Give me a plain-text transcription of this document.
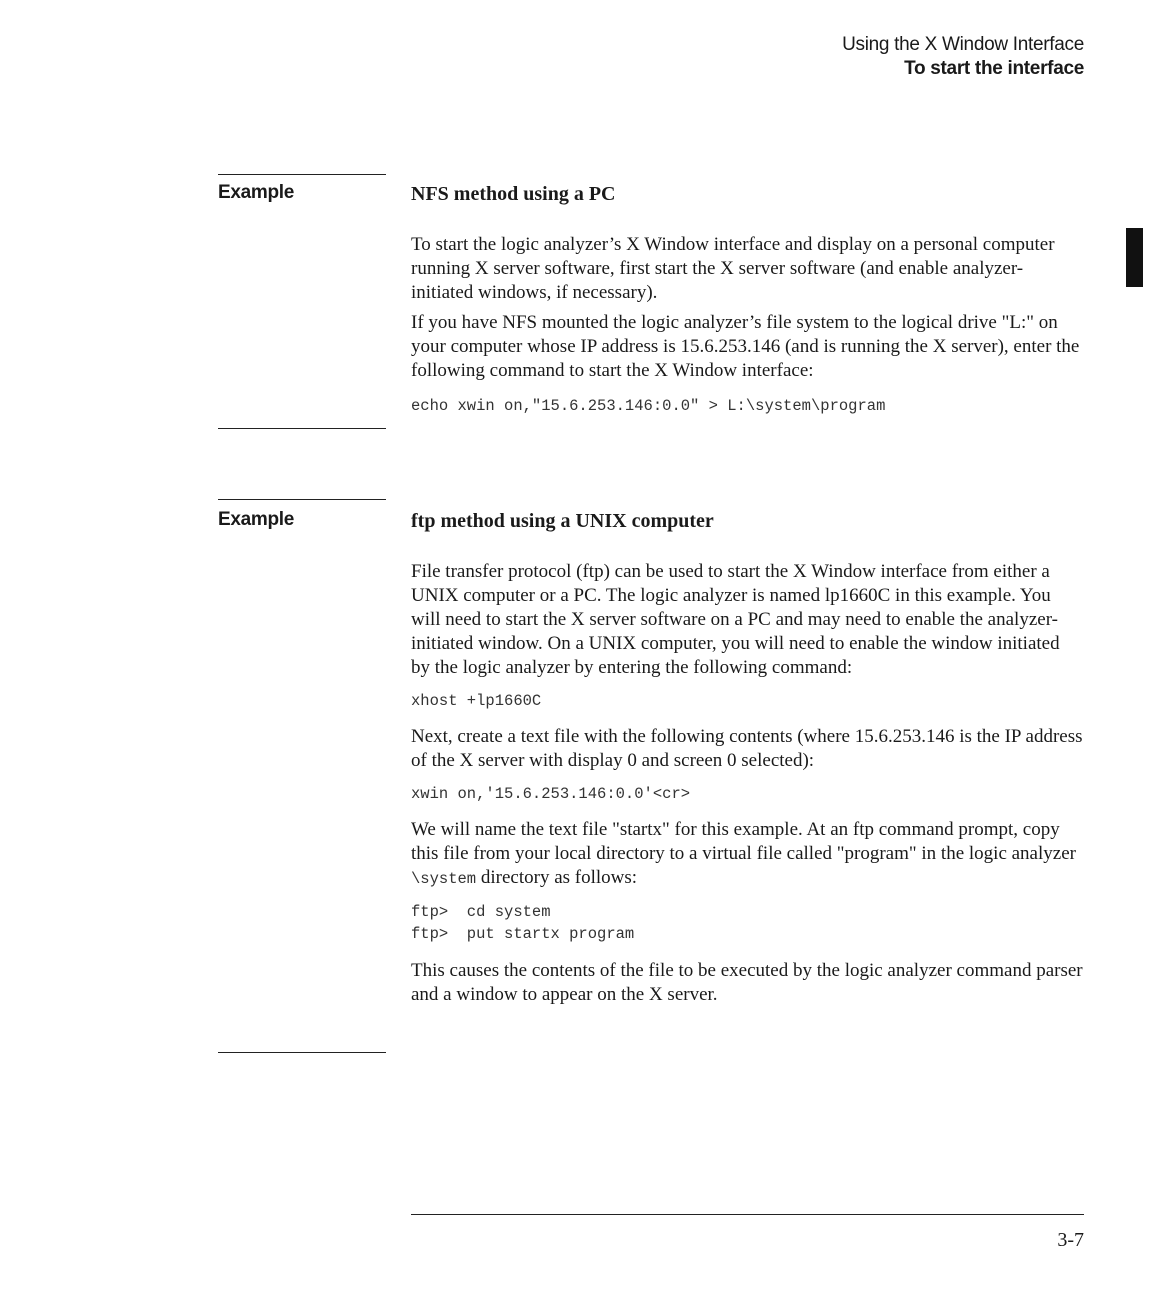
Using the X Window Interface
To start the interface
Example	NFS method using a PC

To start the logic analyzer’s X Window interface and display on a personal computer running X server software, first start the X server software (and enable analyzer-initiated windows, if necessary).

If you have NFS mounted the logic analyzer’s file system to the logical drive "L:" on your computer whose IP address is 15.6.253.146 (and is running the X server), enter the following command to start the X Window interface:

echo xwin on,"15.6.253.146:0.0" > L:\system\program

Example	ftp method using a UNIX computer

File transfer protocol (ftp) can be used to start the X Window interface from either a UNIX computer or a PC. The logic analyzer is named lp1660C in this example. You will need to start the X server software on a PC and may need to enable the analyzer-initiated window. On a UNIX computer, you will need to enable the window initiated by the logic analyzer by entering the following command:

xhost +lp1660C

Next, create a text file with the following contents (where 15.6.253.146 is the IP address of the X server with display 0 and screen 0 selected):

xwin on,'15.6.253.146:0.0'<cr>

We will name the text file "startx" for this example. At an ftp command prompt, copy this file from your local directory to a virtual file called "program" in the logic analyzer \system directory as follows:

ftp>  cd system

ftp>  put startx program

This causes the contents of the file to be executed by the logic analyzer command parser and a window to appear on the X server.

3-7
